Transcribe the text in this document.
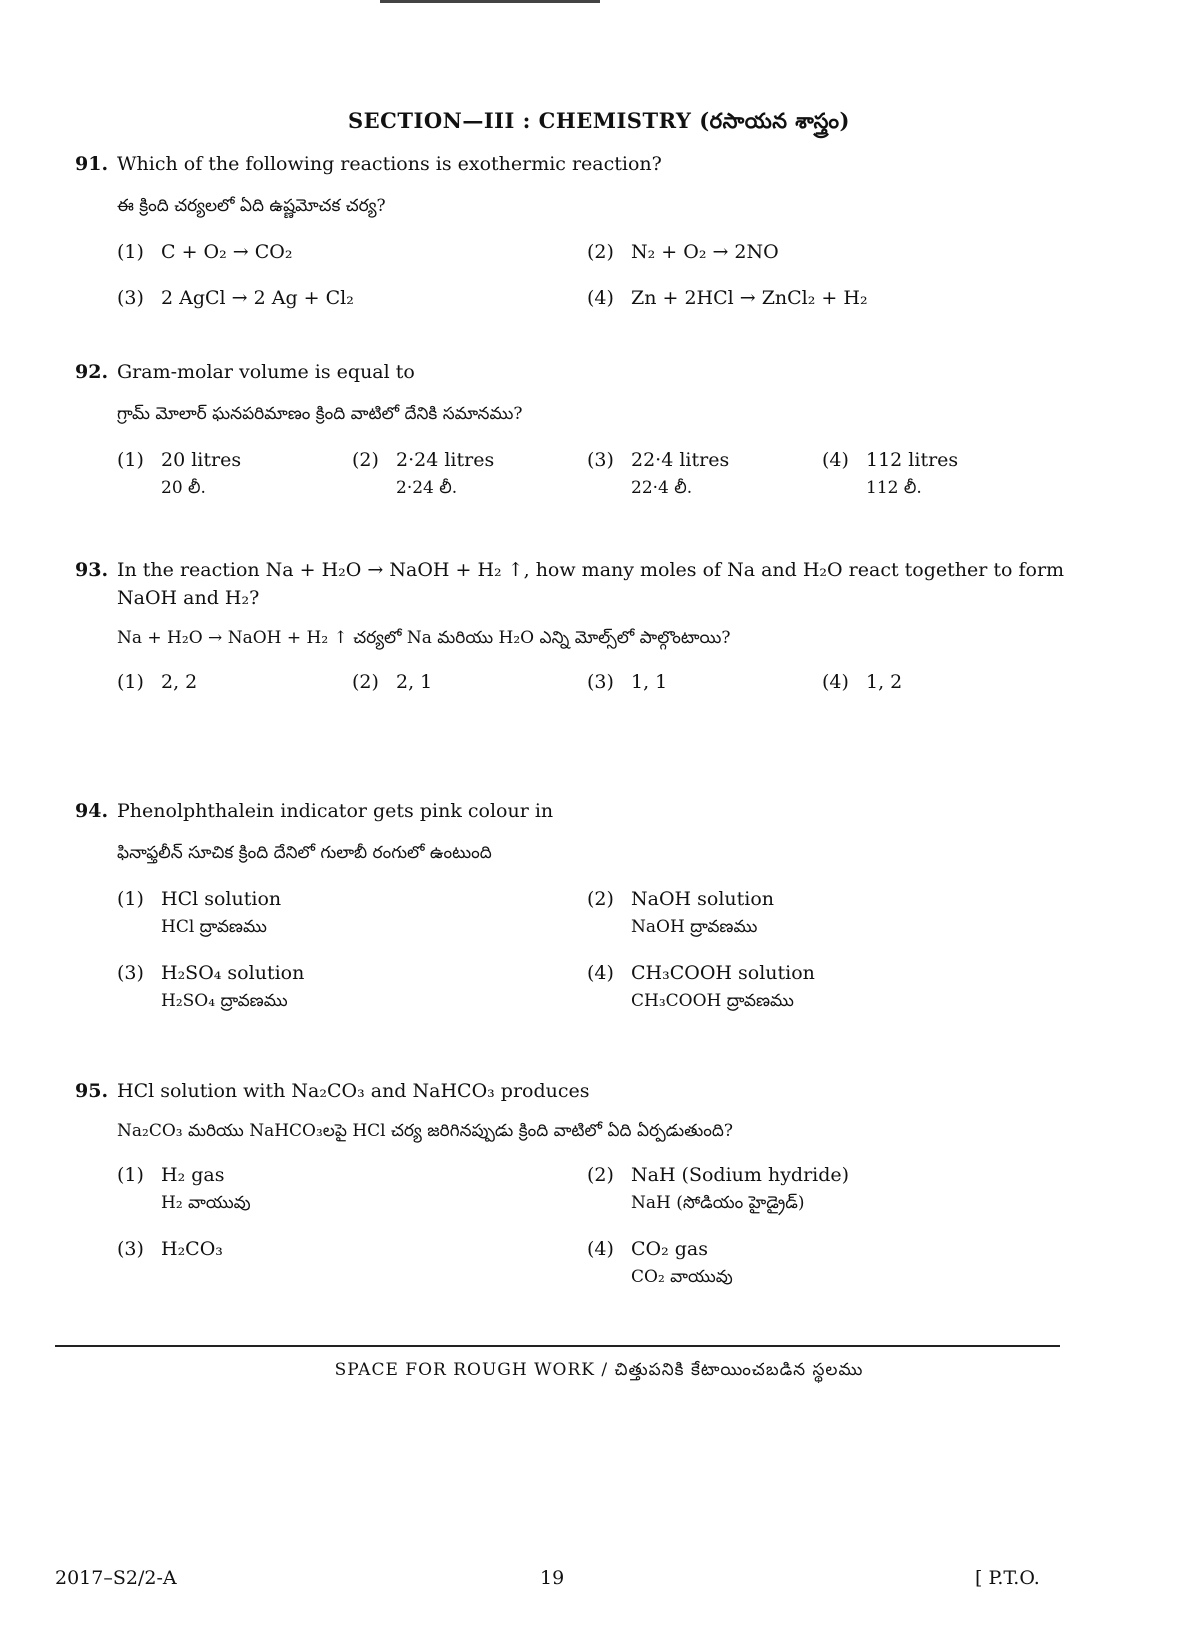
SECTION—III : CHEMISTRY (రసాయన శాస్త్రం)
91. Which of the following reactions is exothermic reaction?
ఈ క్రింది చర్యలలో ఏది ఉష్ణమోచక చర్య?
(1) C + O₂ → CO₂	(2) N₂ + O₂ → 2NO
(3) 2 AgCl → 2 Ag + Cl₂	(4) Zn + 2HCl → ZnCl₂ + H₂
92. Gram-molar volume is equal to
గ్రామ్ మోలార్ ఘనపరిమాణం క్రింది వాటిలో దేనికి సమానము?
(1) 20 litres
20 లీ.
(2) 2·24 litres
2·24 లీ.
(3) 22·4 litres
22·4 లీ.
(4) 112 litres
112 లీ.
93. In the reaction Na + H₂O → NaOH + H₂ ↑, how many moles of Na and H₂O react together to form NaOH and H₂?
Na + H₂O → NaOH + H₂ ↑ చర్యలో Na మరియు H₂O ఎన్ని మోల్స్‌లో పాల్గొంటాయి?
(1) 2, 2	(2) 2, 1	(3) 1, 1	(4) 1, 2
94. Phenolphthalein indicator gets pink colour in
ఫినాఫ్తలీన్ సూచిక క్రింది దేనిలో గులాబీ రంగులో ఉంటుంది
(1) HCl solution
HCl ద్రావణము
(2) NaOH solution
NaOH ద్రావణము
(3) H₂SO₄ solution
H₂SO₄ ద్రావణము
(4) CH₃COOH solution
CH₃COOH ద్రావణము
95. HCl solution with Na₂CO₃ and NaHCO₃ produces
Na₂CO₃ మరియు NaHCO₃లపై HCl చర్య జరిగినప్పుడు క్రింది వాటిలో ఏది ఏర్పడుతుంది?
(1) H₂ gas
H₂ వాయువు
(2) NaH (Sodium hydride)
NaH (సోడియం హైడ్రైడ్)
(3) H₂CO₃	(4) CO₂ gas
CO₂ వాయువు
SPACE FOR ROUGH WORK / చిత్తుపనికి కేటాయించబడిన స్థలము
2017–S2/2-A	19	[ P.T.O.
